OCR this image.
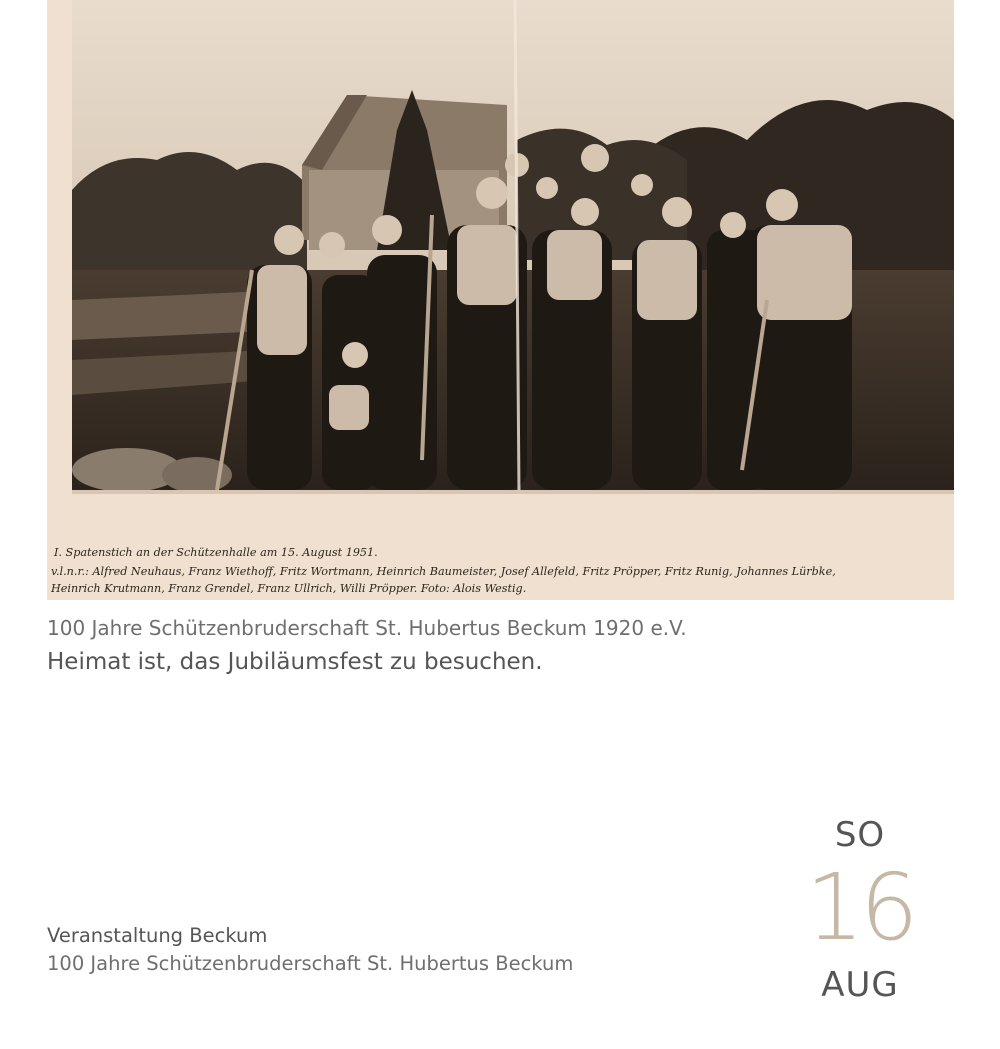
I. Spatenstich an der Schützenhalle am 15. August 1951.
v.l.n.r.: Alfred Neuhaus, Franz Wiethoff, Fritz Wortmann, Heinrich Baumeister, Josef Allefeld, Fritz Pröpper, Fritz Runig, Johannes Lürbke,
Heinrich Krutmann, Franz Grendel, Franz Ullrich, Willi Pröpper. Foto: Alois Westig.
100 Jahre Schützenbruderschaft St. Hubertus Beckum 1920 e.V.
Heimat ist, das Jubiläumsfest zu besuchen.
Veranstaltung Beckum
100 Jahre Schützenbruderschaft St. Hubertus Beckum
SO
16
AUG
